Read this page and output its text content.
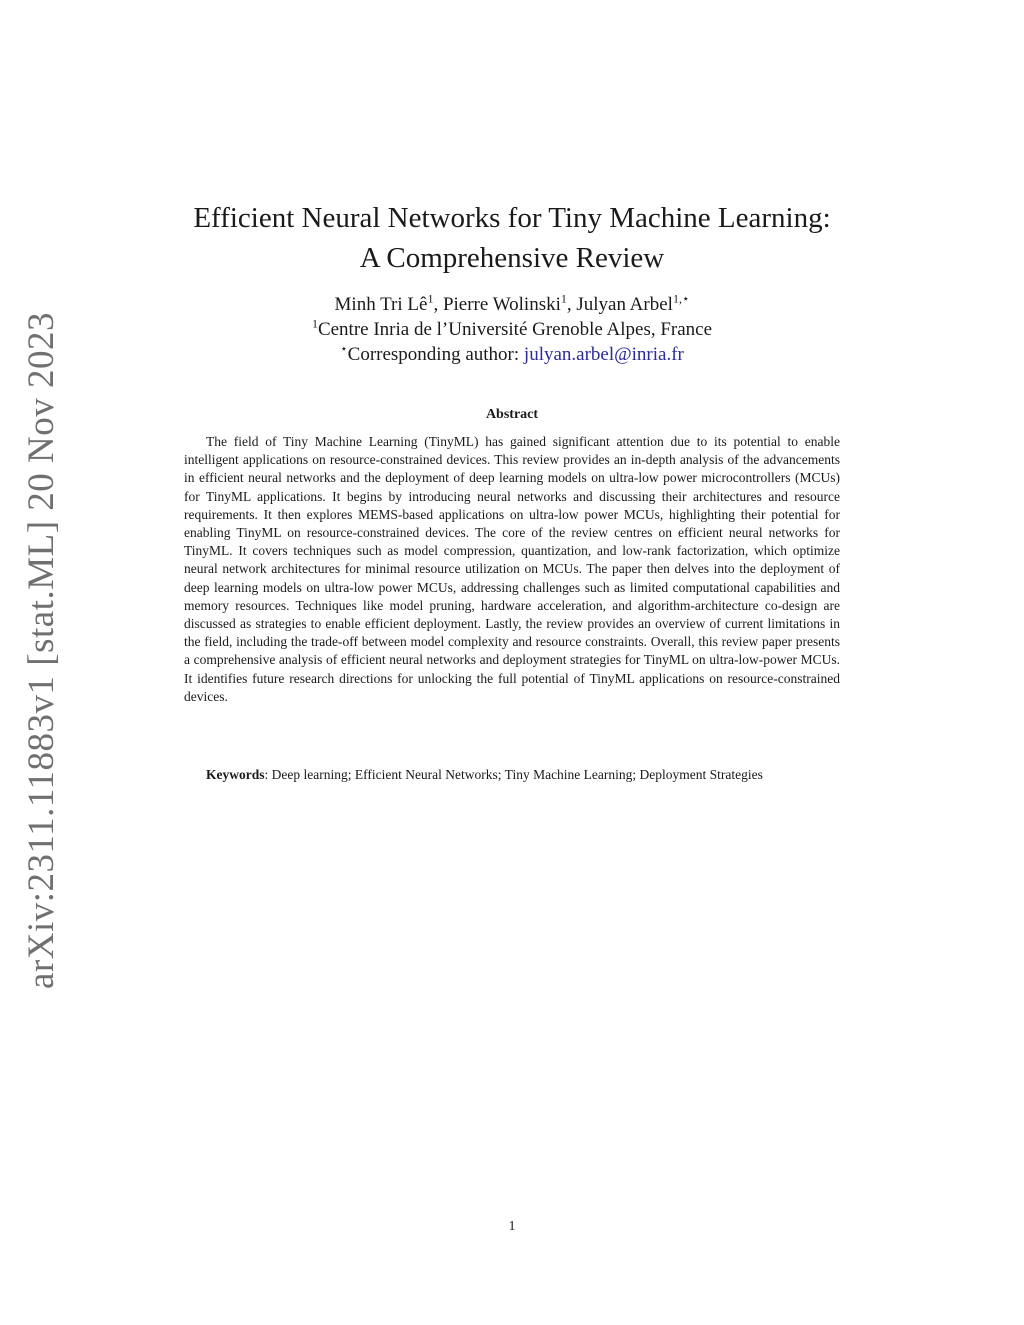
arXiv:2311.11883v1 [stat.ML] 20 Nov 2023
Efficient Neural Networks for Tiny Machine Learning:
A Comprehensive Review
Minh Tri $Lê^1$, Pierre Wolinski$^1$, Julyan Arbel$^{1,⋆}$
$^1$Centre Inria de l’Université Grenoble Alpes, France
⋆Corresponding author: julyan.arbel@inria.fr
Abstract

The field of Tiny Machine Learning (TinyML) has gained significant attention due to its potential to enable intelligent applications on resource-constrained devices. This review provides an in-depth analysis of the advancements in efficient neural networks and the deployment of deep learning models on ultra-low power microcontrollers (MCUs) for TinyML applications. It begins by introducing neural networks and discussing their architectures and resource requirements. It then explores MEMS-based applications on ultra-low power MCUs, highlighting their potential for enabling TinyML on resource-constrained devices. The core of the review centres on efficient neural networks for TinyML. It covers techniques such as model compression, quantization, and low-rank factorization, which optimize neural network architectures for minimal resource utilization on MCUs. The paper then delves into the deployment of deep learning models on ultra-low power MCUs, addressing challenges such as limited computational capabilities and memory resources. Techniques like model pruning, hardware acceleration, and algorithm-architecture co-design are discussed as strategies to enable efficient deployment. Lastly, the review provides an overview of current limitations in the field, including the trade-off between model complexity and resource constraints. Overall, this review paper presents a comprehensive analysis of efficient neural networks and deployment strategies for TinyML on ultra-low-power MCUs. It identifies future research directions for unlocking the full potential of TinyML applications on resource-constrained devices.

Keywords: Deep learning; Efficient Neural Networks; Tiny Machine Learning; Deployment Strategies

1
